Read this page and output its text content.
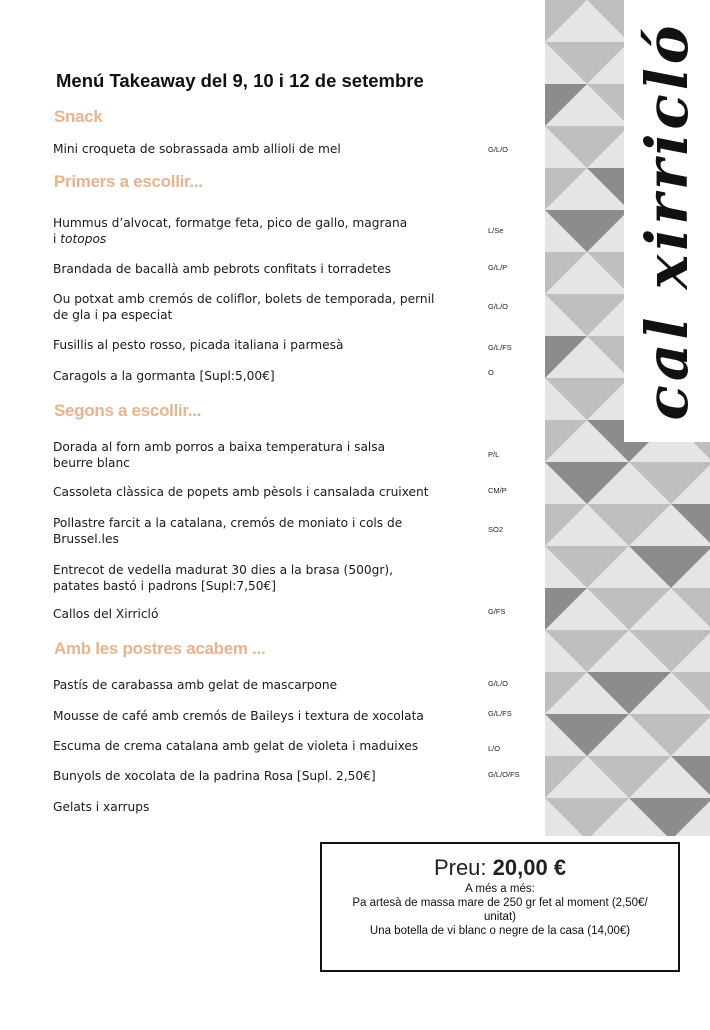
cal xirricló
Menú Takeaway del 9, 10 i 12 de setembre
Snack
Mini croqueta de sobrassada amb allioli de mel	G/L/O
Primers a escollir...
Hummus d’alvocat, formatge feta, pico de gallo, magrana
i totopos
L/Se
Brandada de bacallà amb pebrots confitats i torradetes	G/L/P
Ou potxat amb cremós de coliflor, bolets de temporada, pernil
de gla i pa especiat
G/L/O
Fusillis al pesto rosso, picada italiana i parmesà	G/L/FS
Caragols a la gormanta [Supl:5,00€]	O
Segons a escollir...
Dorada al forn amb porros a baixa temperatura i salsa
beurre blanc
P/L
Cassoleta clàssica de popets amb pèsols i cansalada cruixent	CM/P
Pollastre farcit a la catalana, cremós de moniato i cols de
Brussel.les
SO2
Entrecot de vedella madurat 30 dies a la brasa (500gr),
patates bastó i padrons [Supl:7,50€]
Callos del Xirricló	G/FS
Amb les postres acabem ...
Pastís de carabassa amb gelat de mascarpone	G/L/O
Mousse de café amb cremós de Baileys i textura de xocolata	G/L/FS
Escuma de crema catalana amb gelat de violeta i maduixes	L/O
Bunyols de xocolata de la padrina Rosa [Supl. 2,50€]	G/L/O/FS
Gelats i xarrups
Preu: 20,00 €
A més a més:
Pa artesà de massa mare de 250 gr fet al moment (2,50€/
unitat)
Una botella de vi blanc o negre de la casa (14,00€)
